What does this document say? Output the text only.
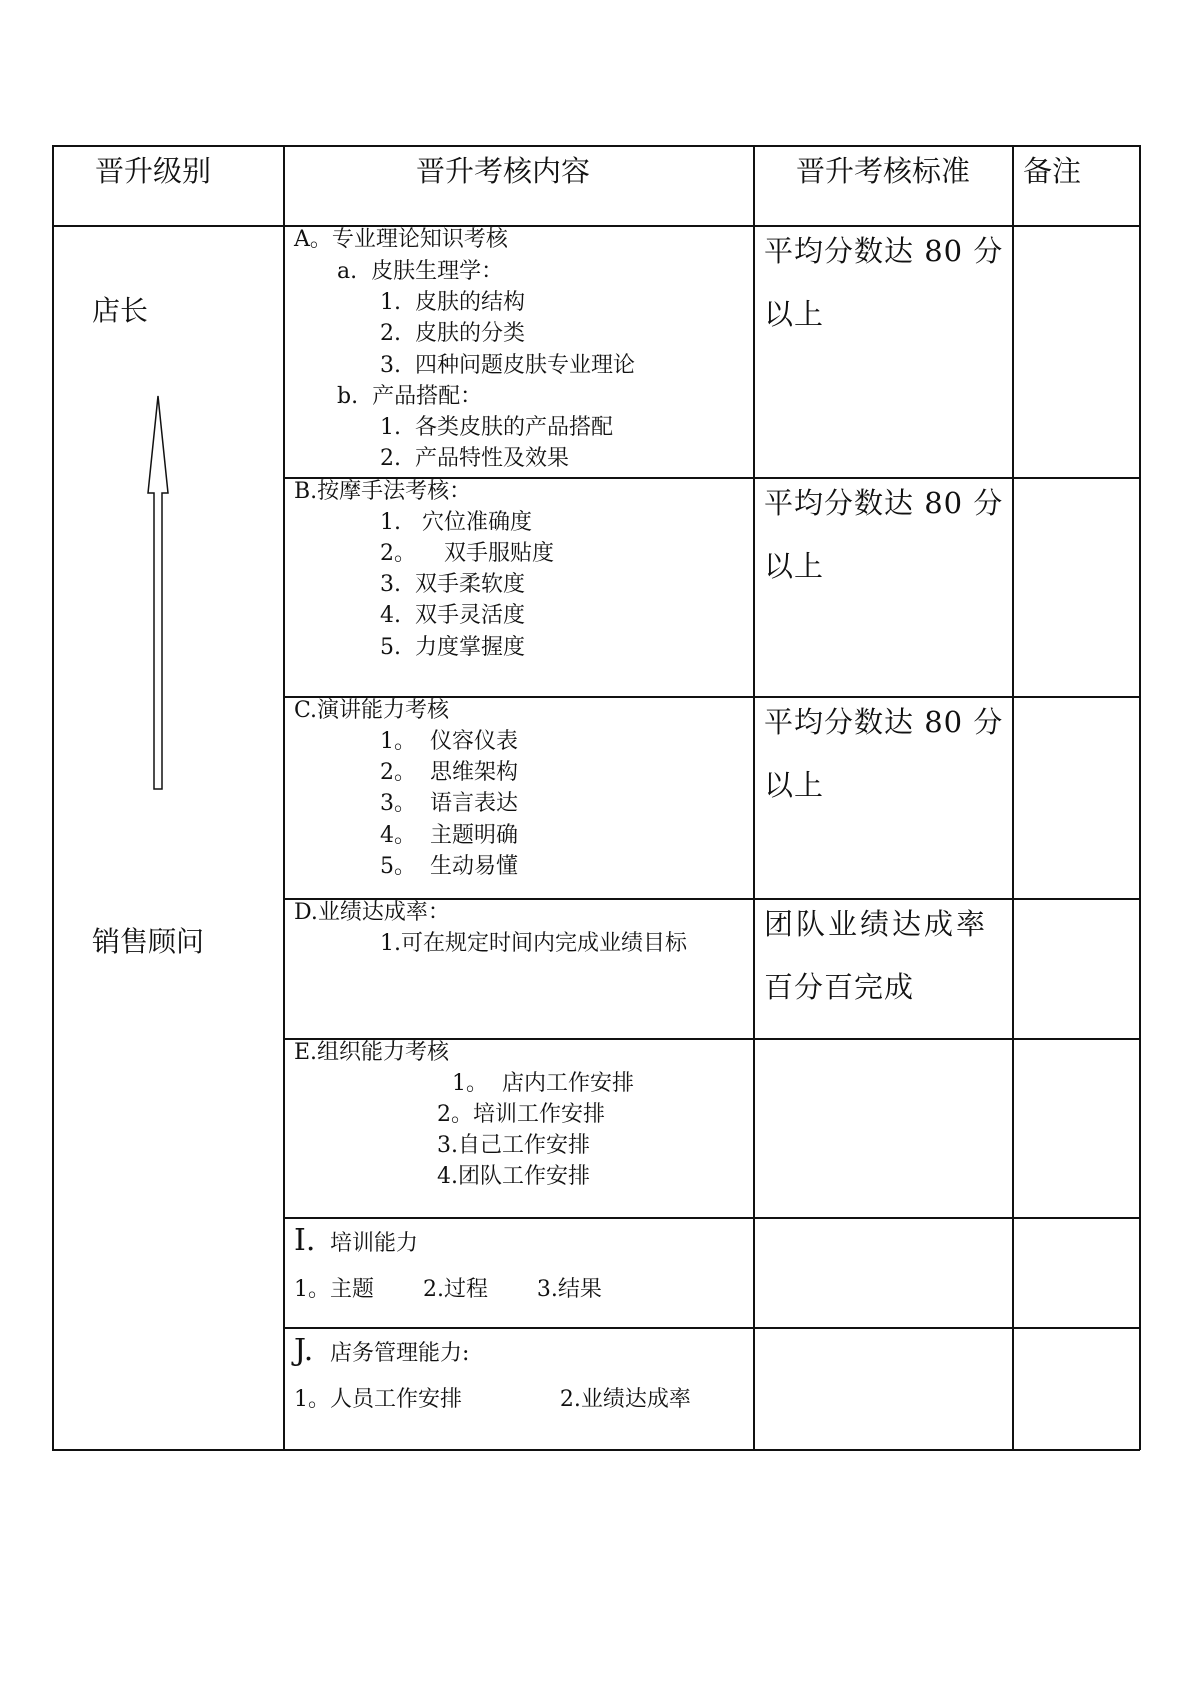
晋升级别	晋升考核内容	晋升考核标准 备注
店长
销售顾问
A。专业理论知识考核
a.  皮肤生理学：
1.  皮肤的结构
2.  皮肤的分类
3.  四种问题皮肤专业理论
b.  产品搭配：
1.  各类皮肤的产品搭配
2.  产品特性及效果
平均分数达 80 分
以上
B.按摩手法考核：
1.   穴位准确度
2。    双手服贴度
3.  双手柔软度
4.  双手灵活度
5.  力度掌握度
平均分数达 80 分
以上
C.演讲能力考核
1。  仪容仪表
2。  思维架构
3。  语言表达
4。  主题明确
5。  生动易懂
平均分数达 80 分
以上
D.业绩达成率：
1.可在规定时间内完成业绩目标
团队业绩达成率
百分百完成
E.组织能力考核
1。  店内工作安排
2。培训工作安排
3.自己工作安排
4.团队工作安排
I. 培训能力
1。主题       2.过程       3.结果
J. 店务管理能力:
1。人员工作安排              2.业绩达成率
